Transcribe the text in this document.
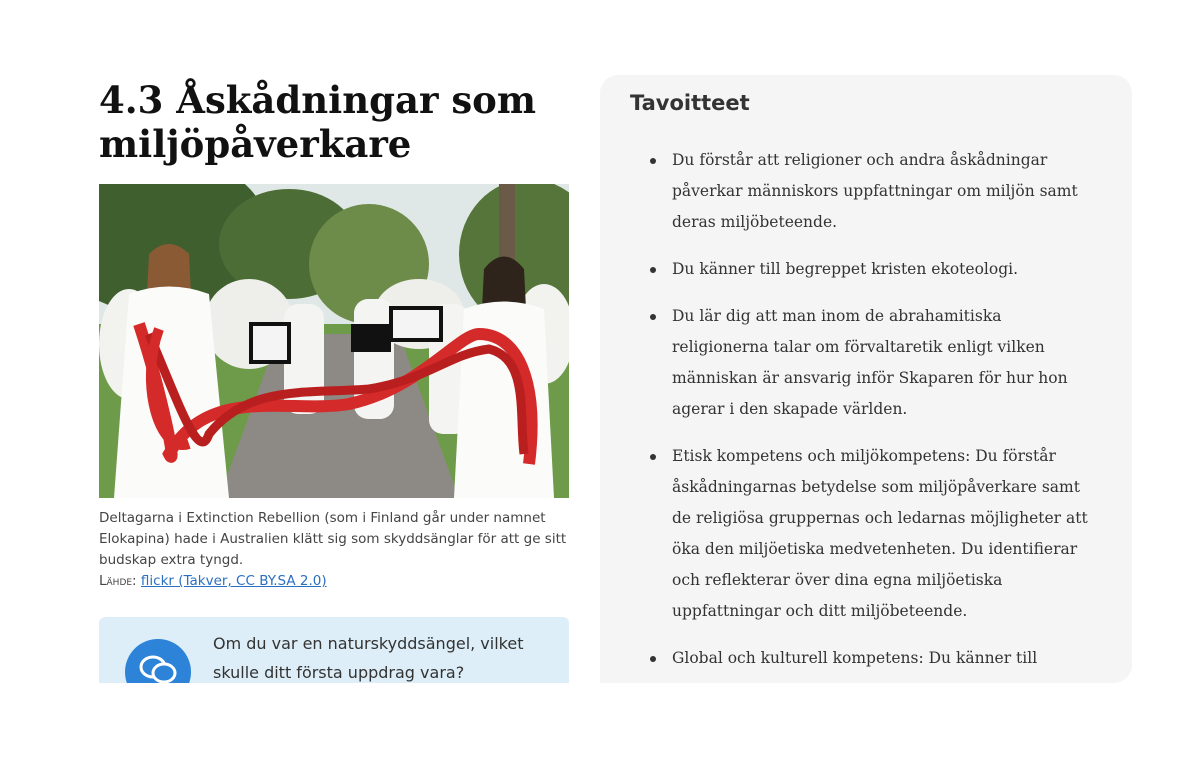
4.3 Åskådningar som miljöpåverkare
Deltagarna i Extinction Rebellion (som i Finland går under namnet Elokapina) hade i Australien klätt sig som skyddsänglar för att ge sitt budskap extra tyngd.
Lähde: flickr (Takver, CC BY.SA 2.0)
Om du var en naturskyddsängel, vilket skulle ditt första uppdrag vara?
Tavoitteet
Du förstår att religioner och andra åskådningar påverkar människors uppfattningar om miljön samt deras miljöbeteende.
Du känner till begreppet kristen ekoteologi.
Du lär dig att man inom de abrahamitiska religionerna talar om förvaltaretik enligt vilken människan är ansvarig inför Skaparen för hur hon agerar i den skapade världen.
Etisk kompetens och miljökompetens: Du förstår åskådningarnas betydelse som miljöpåverkare samt de religiösa gruppernas och ledarnas möjligheter att öka den miljöetiska medvetenheten. Du identifierar och reflekterar över dina egna miljöetiska uppfattningar och ditt miljöbeteende.
Global och kulturell kompetens: Du känner till
